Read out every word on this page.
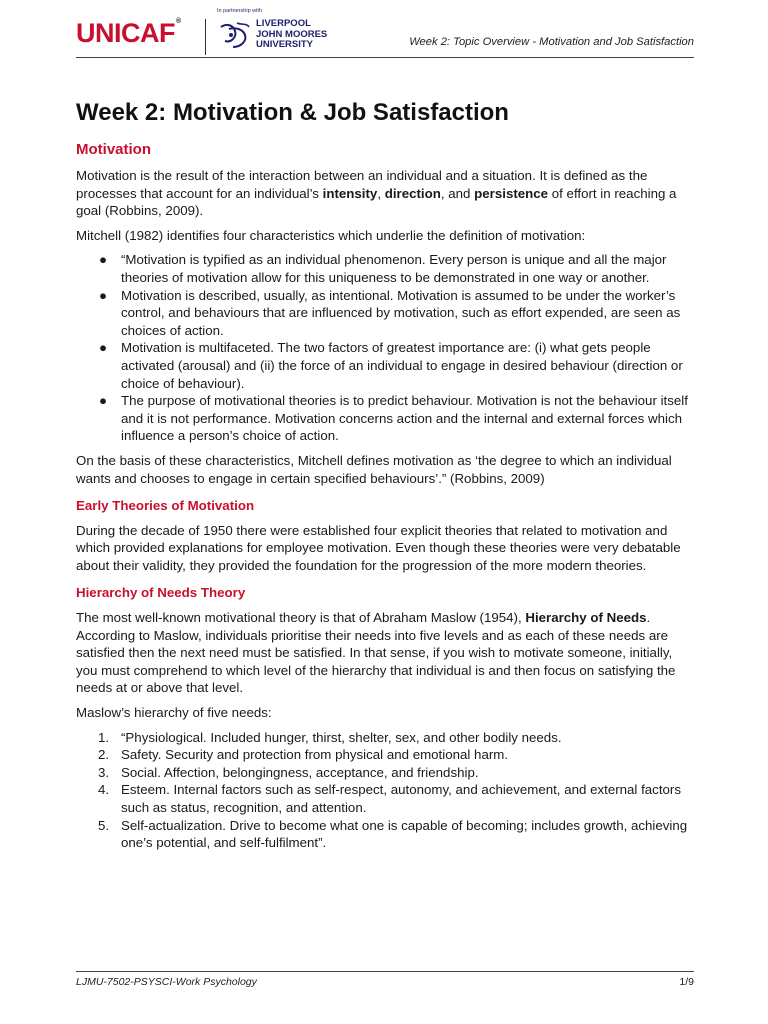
UNICAF®
In partnership with
LIVERPOOL
JOHN MOORES
UNIVERSITY	Week 2: Topic Overview - Motivation and Job Satisfaction
Week 2: Motivation & Job Satisfaction
Motivation

Motivation is the result of the interaction between an individual and a situation. It is defined as the processes that account for an individual’s intensity, direction, and persistence of effort in reaching a goal (Robbins, 2009).

Mitchell (1982) identifies four characteristics which underlie the definition of motivation:

● “Motivation is typified as an individual phenomenon. Every person is unique and all the major theories of motivation allow for this uniqueness to be demonstrated in one way or another.
● Motivation is described, usually, as intentional. Motivation is assumed to be under the worker’s control, and behaviours that are influenced by motivation, such as effort expended, are seen as choices of action.
● Motivation is multifaceted. The two factors of greatest importance are: (i) what gets people activated (arousal) and (ii) the force of an individual to engage in desired behaviour (direction or choice of behaviour).
● The purpose of motivational theories is to predict behaviour. Motivation is not the behaviour itself and it is not performance. Motivation concerns action and the internal and external forces which influence a person’s choice of action.

On the basis of these characteristics, Mitchell defines motivation as ‘the degree to which an individual wants and chooses to engage in certain specified behaviours’.” (Robbins, 2009)

Early Theories of Motivation

During the decade of 1950 there were established four explicit theories that related to motivation and which provided explanations for employee motivation. Even though these theories were very debatable about their validity, they provided the foundation for the progression of the more modern theories.

Hierarchy of Needs Theory

The most well-known motivational theory is that of Abraham Maslow (1954), Hierarchy of Needs. According to Maslow, individuals prioritise their needs into five levels and as each of these needs are satisfied then the next need must be satisfied. In that sense, if you wish to motivate someone, initially, you must comprehend to which level of the hierarchy that individual is and then focus on satisfying the needs at or above that level.

Maslow’s hierarchy of five needs:

1. “Physiological. Included hunger, thirst, shelter, sex, and other bodily needs.
2. Safety. Security and protection from physical and emotional harm.
3. Social. Affection, belongingness, acceptance, and friendship.
4. Esteem. Internal factors such as self-respect, autonomy, and achievement, and external factors such as status, recognition, and attention.
5. Self-actualization. Drive to become what one is capable of becoming; includes growth, achieving one’s potential, and self-fulfilment”.
LJMU-7502-PSYSCI-Work Psychology	1/9
